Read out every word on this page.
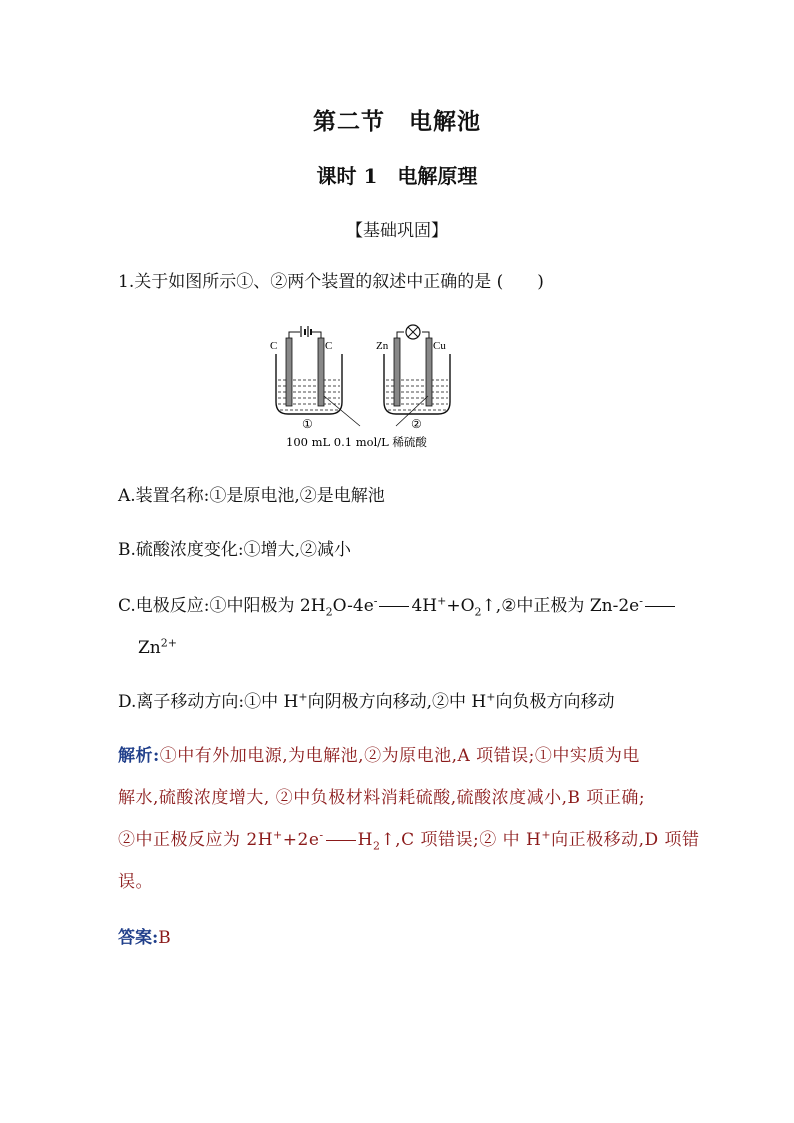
第二节　电解池
课时 1　电解原理
【基础巩固】
1.关于如图所示①、②两个装置的叙述中正确的是 (　　)
C	C	Zn	Cu
①	②
100 mL 0.1 mol/L 稀硫酸
A.装置名称:①是原电池,②是电解池
B.硫酸浓度变化:①增大,②减小
C.电极反应:①中阳极为 $2H_2O-4e^-$ $4H^++O_2↑,②$中正极为 Zn-2e-
$Zn^{2+}$
D.离子移动方向:①中 H+向阴极方向移动,②中 H+向负极方向移动
解析:①中有外加电源,为电解池,②为原电池,A 项错误;①中实质为电
解水,硫酸浓度增大, ②中负极材料消耗硫酸,硫酸浓度减小,B 项正确;
②中正极反应为 2H++2e- $H_2↑,C$ 项错误;② 中 H+向正极移动,D 项错
误。
答案:B
